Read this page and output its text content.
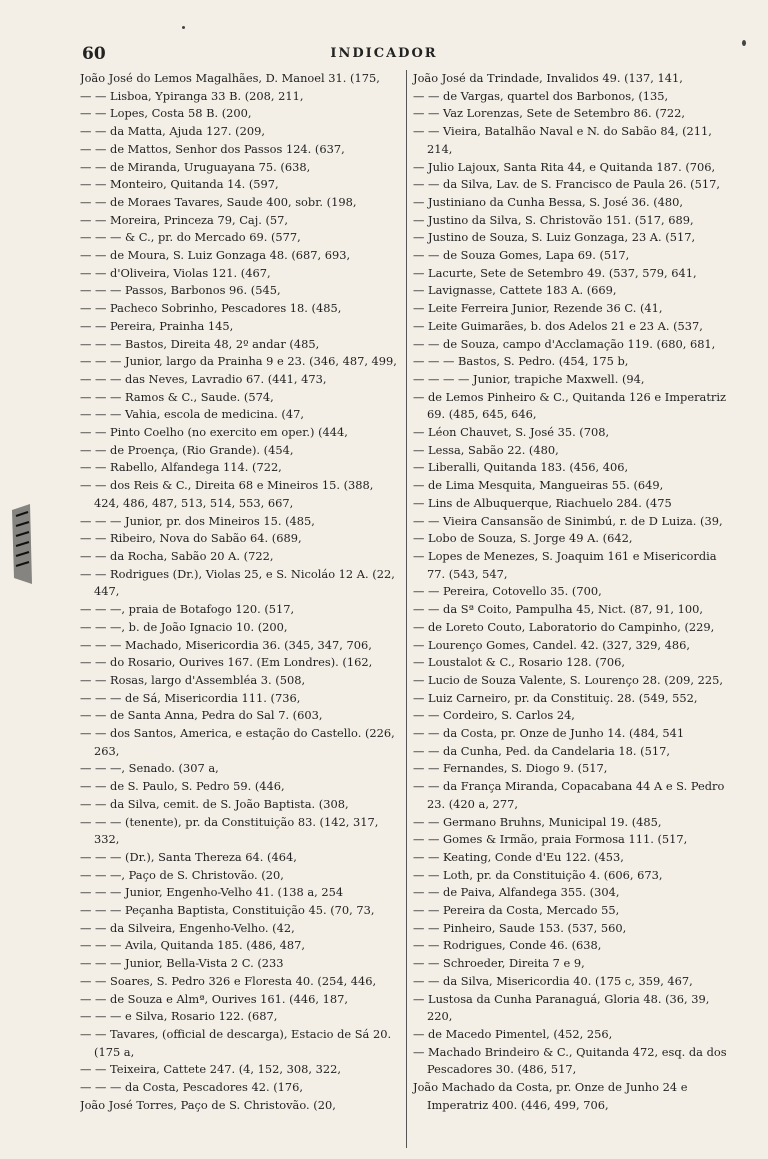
60	INDICADOR
João José do Lemos Magalhães, D. Manoel 31. (175,
— — Lisboa, Ypiranga 33 B. (208, 211,
— — Lopes, Costa 58 B. (200,
— — da Matta, Ajuda 127. (209,
— — de Mattos, Senhor dos Passos 124. (637,
— — de Miranda, Uruguayana 75. (638,
— — Monteiro, Quitanda 14. (597,
— — de Moraes Tavares, Saude 400, sobr. (198,
— — Moreira, Princeza 79, Caj. (57,
— — — & C., pr. do Mercado 69. (577,
— — de Moura, S. Luiz Gonzaga 48. (687, 693,
— — d'Oliveira, Violas 121. (467,
— — — Passos, Barbonos 96. (545,
— — Pacheco Sobrinho, Pescadores 18. (485,
— — Pereira, Prainha 145,
— — — Bastos, Direita 48, 2º andar (485,
— — — Junior, largo da Prainha 9 e 23. (346, 487, 499,
— — — das Neves, Lavradio 67. (441, 473,
— — — Ramos & C., Saude. (574,
— — — Vahia, escola de medicina. (47,
— — Pinto Coelho (no exercito em oper.) (444,
— — de Proença, (Rio Grande). (454,
— — Rabello, Alfandega 114. (722,
— — dos Reis & C., Direita 68 e Mineiros 15. (388, 424, 486, 487, 513, 514, 553, 667,
— — — Junior, pr. dos Mineiros 15. (485,
— — Ribeiro, Nova do Sabão 64. (689,
— — da Rocha, Sabão 20 A. (722,
— — Rodrigues (Dr.), Violas 25, e S. Nicoláo 12 A. (22, 447,
— — —, praia de Botafogo 120. (517,
— — —, b. de João Ignacio 10. (200,
— — — Machado, Misericordia 36. (345, 347, 706,
— — do Rosario, Ourives 167. (Em Londres). (162,
— — Rosas, largo d'Assembléa 3. (508,
— — — de Sá, Misericordia 111. (736,
— — de Santa Anna, Pedra do Sal 7. (603,
— — dos Santos, America, e estação do Castello. (226, 263,
— — —, Senado. (307 a,
— — de S. Paulo, S. Pedro 59. (446,
— — da Silva, cemit. de S. João Baptista. (308,
— — — (tenente), pr. da Constituição 83. (142, 317, 332,
— — — (Dr.), Santa Thereza 64. (464,
— — —, Paço de S. Christovão. (20,
— — — Junior, Engenho-Velho 41. (138 a, 254
— — — Peçanha Baptista, Constituição 45. (70, 73,
— — da Silveira, Engenho-Velho. (42,
— — — Avila, Quitanda 185. (486, 487,
— — — Junior, Bella-Vista 2 C. (233
— — Soares, S. Pedro 326 e Floresta 40. (254, 446,
— — de Souza e Almª, Ourives 161. (446, 187,
— — — e Silva, Rosario 122. (687,
— — Tavares, (official de descarga), Estacio de Sá 20. (175 a,
— — Teixeira, Cattete 247. (4, 152, 308, 322,
— — — da Costa, Pescadores 42. (176,
João José Torres, Paço de S. Christovão. (20,
João José da Trindade, Invalidos 49. (137, 141,
— — de Vargas, quartel dos Barbonos, (135,
— — Vaz Lorenzas, Sete de Setembro 86. (722,
— — Vieira, Batalhão Naval e N. do Sabão 84, (211, 214,
— Julio Lajoux, Santa Rita 44, e Quitanda 187. (706,
— — da Silva, Lav. de S. Francisco de Paula 26. (517,
— Justiniano da Cunha Bessa, S. José 36. (480,
— Justino da Silva, S. Christovão 151. (517, 689,
— Justino de Souza, S. Luiz Gonzaga, 23 A. (517,
— — de Souza Gomes, Lapa 69. (517,
— Lacurte, Sete de Setembro 49. (537, 579, 641,
— Lavignasse, Cattete 183 A. (669,
— Leite Ferreira Junior, Rezende 36 C. (41,
— Leite Guimarães, b. dos Adelos 21 e 23 A. (537,
— — de Souza, campo d'Acclamação 119. (680, 681,
— — — Bastos, S. Pedro. (454, 175 b,
— — — — Junior, trapiche Maxwell. (94,
— de Lemos Pinheiro & C., Quitanda 126 e Imperatriz 69. (485, 645, 646,
— Léon Chauvet, S. José 35. (708,
— Lessa, Sabão 22. (480,
— Liberalli, Quitanda 183. (456, 406,
— de Lima Mesquita, Mangueiras 55. (649,
— Lins de Albuquerque, Riachuelo 284. (475
— — Vieira Cansansão de Sinimbú, r. de D Luiza. (39,
— Lobo de Souza, S. Jorge 49 A. (642,
— Lopes de Menezes, S. Joaquim 161 e Misericordia 77. (543, 547,
— — Pereira, Cotovello 35. (700,
— — da Sª Coito, Pampulha 45, Nict. (87, 91, 100,
— de Loreto Couto, Laboratorio do Campinho, (229,
— Lourenço Gomes, Candel. 42. (327, 329, 486,
— Loustalot & C., Rosario 128. (706,
— Lucio de Souza Valente, S. Lourenço 28. (209, 225,
— Luiz Carneiro, pr. da Constituiç. 28. (549, 552,
— — Cordeiro, S. Carlos 24,
— — da Costa, pr. Onze de Junho 14. (484, 541
— — da Cunha, Ped. da Candelaria 18. (517,
— — Fernandes, S. Diogo 9. (517,
— — da França Miranda, Copacabana 44 A e S. Pedro 23. (420 a, 277,
— — Germano Bruhns, Municipal 19. (485,
— — Gomes & Irmão, praia Formosa 111. (517,
— — Keating, Conde d'Eu 122. (453,
— — Loth, pr. da Constituição 4. (606, 673,
— — de Paiva, Alfandega 355. (304,
— — Pereira da Costa, Mercado 55,
— — Pinheiro, Saude 153. (537, 560,
— — Rodrigues, Conde 46. (638,
— — Schroeder, Direita 7 e 9,
— — da Silva, Misericordia 40. (175 c, 359, 467,
— Lustosa da Cunha Paranaguá, Gloria 48. (36, 39, 220,
— de Macedo Pimentel, (452, 256,
— Machado Brindeiro & C., Quitanda 472, esq. da dos Pescadores 30. (486, 517,
João Machado da Costa, pr. Onze de Junho 24 e Imperatriz 400. (446, 499, 706,
